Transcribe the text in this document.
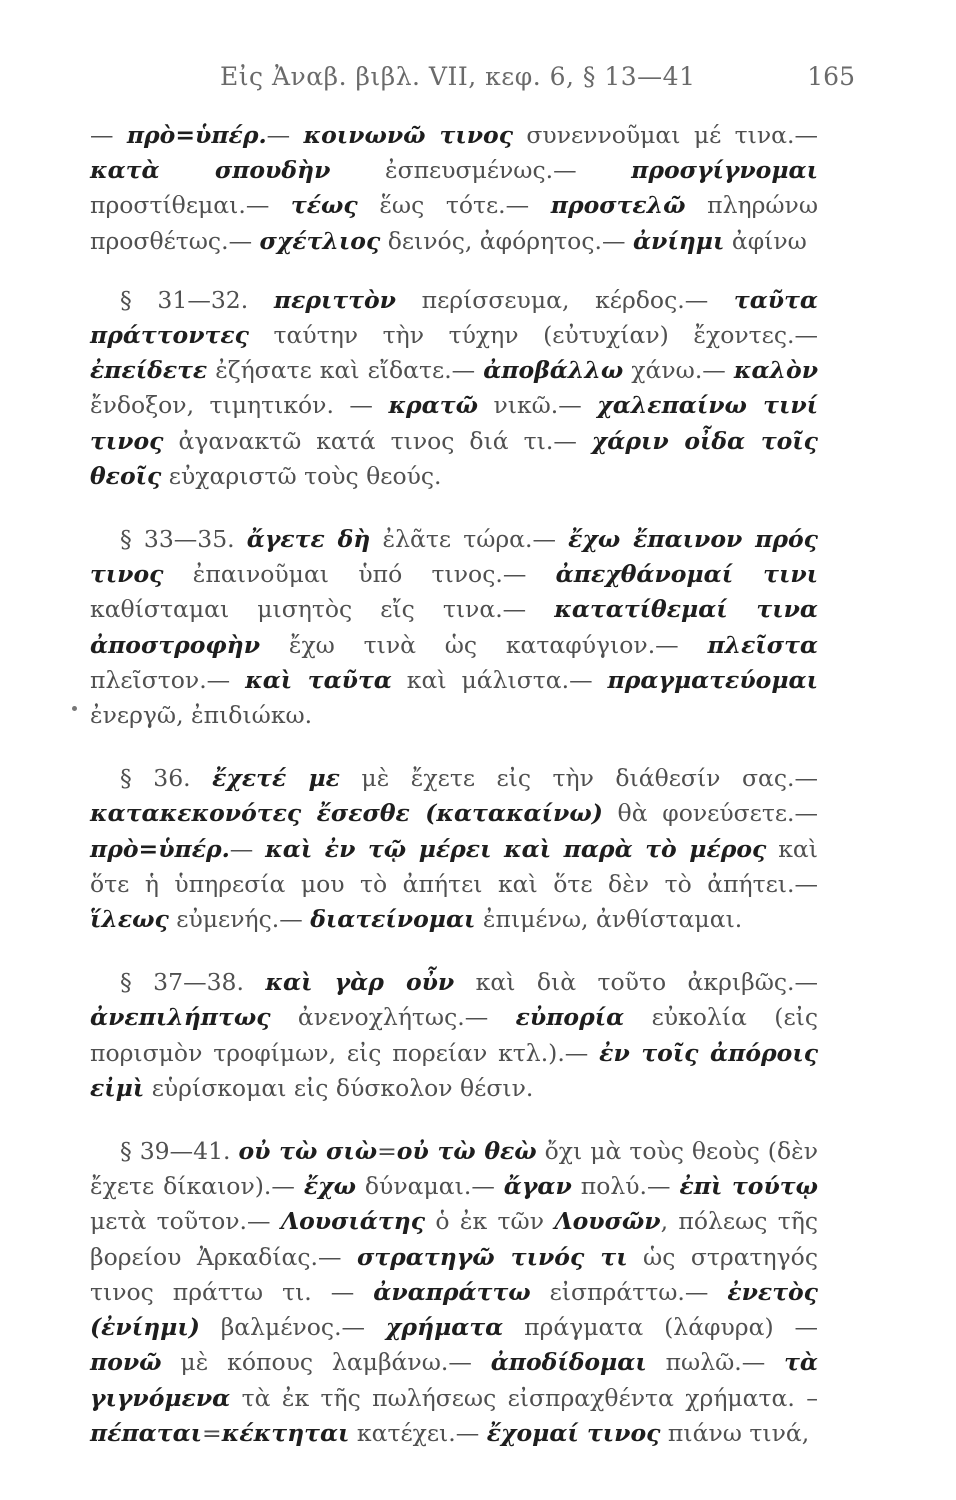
Εἰς Ἀναβ. βιβλ. VII, κεφ. 6, § 13—41	165

— πρὸ=ὑπέρ.— κοινωνῶ τινος συνεννοῦμαι μέ τινα.— κατὰ σπουδὴν ἐσπευσμένως.— προσγίγνομαι προστίθεμαι.— τέως ἕως τότε.— προστελῶ πληρώνω προσθέτως.— σχέτλιος δεινός, ἀφόρητος.— ἀνίημι ἀφίνω

§ 31—32. περιττὸν περίσσευμα, κέρδος.— ταῦτα πράττοντες ταύτην τὴν τύχην (εὐτυχίαν) ἔχοντες.— ἐπείδετε ἐζήσατε καὶ εἴδατε.— ἀποβάλλω χάνω.— καλὸν ἔνδοξον, τιμητικόν. — κρατῶ νικῶ.— χαλεπαίνω τινί τινος ἀγανακτῶ κατά τινος διά τι.— χάριν οἶδα τοῖς θεοῖς εὐχαριστῶ τοὺς θεούς.

§ 33—35. ἄγετε δὴ ἐλᾶτε τώρα.— ἔχω ἔπαινον πρός τινος ἐπαινοῦμαι ὑπό τινος.— ἀπεχθάνομαί τινι καθίσταμαι μισητὸς εἴς τινα.— κατατίθεμαί τινα ἀποστροφὴν ἔχω τινὰ ὡς καταφύγιον.— πλεῖστα πλεῖστον.— καὶ ταῦτα καὶ μάλιστα.— πραγματεύομαι ἐνεργῶ, ἐπιδιώκω.

§ 36. ἔχετέ με μὲ ἔχετε εἰς τὴν διάθεσίν σας.— κατακεκονότες ἔσεσθε (κατακαίνω) θὰ φονεύσετε.— πρὸ=ὑπέρ.— καὶ ἐν τῷ μέρει καὶ παρὰ τὸ μέρος καὶ ὅτε ἡ ὑπηρεσία μου τὸ ἀπήτει καὶ ὅτε δὲν τὸ ἀπήτει.— ἵλεως εὐμενής.— διατείνομαι ἐπιμένω, ἀνθίσταμαι.

§ 37—38. καὶ γὰρ οὖν καὶ διὰ τοῦτο ἀκριβῶς.— ἀνεπιλήπτως ἀνενοχλήτως.— εὐπορία εὐκολία (εἰς πορισμὸν τροφίμων, εἰς πορείαν κτλ.).— ἐν τοῖς ἀπόροις εἰμὶ εὑρίσκομαι εἰς δύσκολον θέσιν.

§ 39—41. οὐ τὼ σιὼ=οὐ τὼ θεὼ ὄχι μὰ τοὺς θεοὺς (δὲν ἔχετε δίκαιον).— ἔχω δύναμαι.— ἄγαν πολύ.— ἐπὶ τούτῳ μετὰ τοῦτον.— Λουσιάτης ὁ ἐκ τῶν Λουσῶν, πόλεως τῆς βορείου Ἀρκαδίας.— στρατηγῶ τινός τι ὡς στρατηγός τινος πράττω τι. — ἀναπράττω εἰσπράττω.— ἐνετὸς (ἐνίημι) βαλμένος.— χρήματα πράγματα (λάφυρα) — πονῶ μὲ κόπους λαμβάνω.— ἀποδίδομαι πωλῶ.— τὰ γιγνόμενα τὰ ἐκ τῆς πωλήσεως εἰσπραχθέντα χρήματα. – πέπαται=κέκτηται κατέχει.— ἔχομαί τινος πιάνω τινά,
